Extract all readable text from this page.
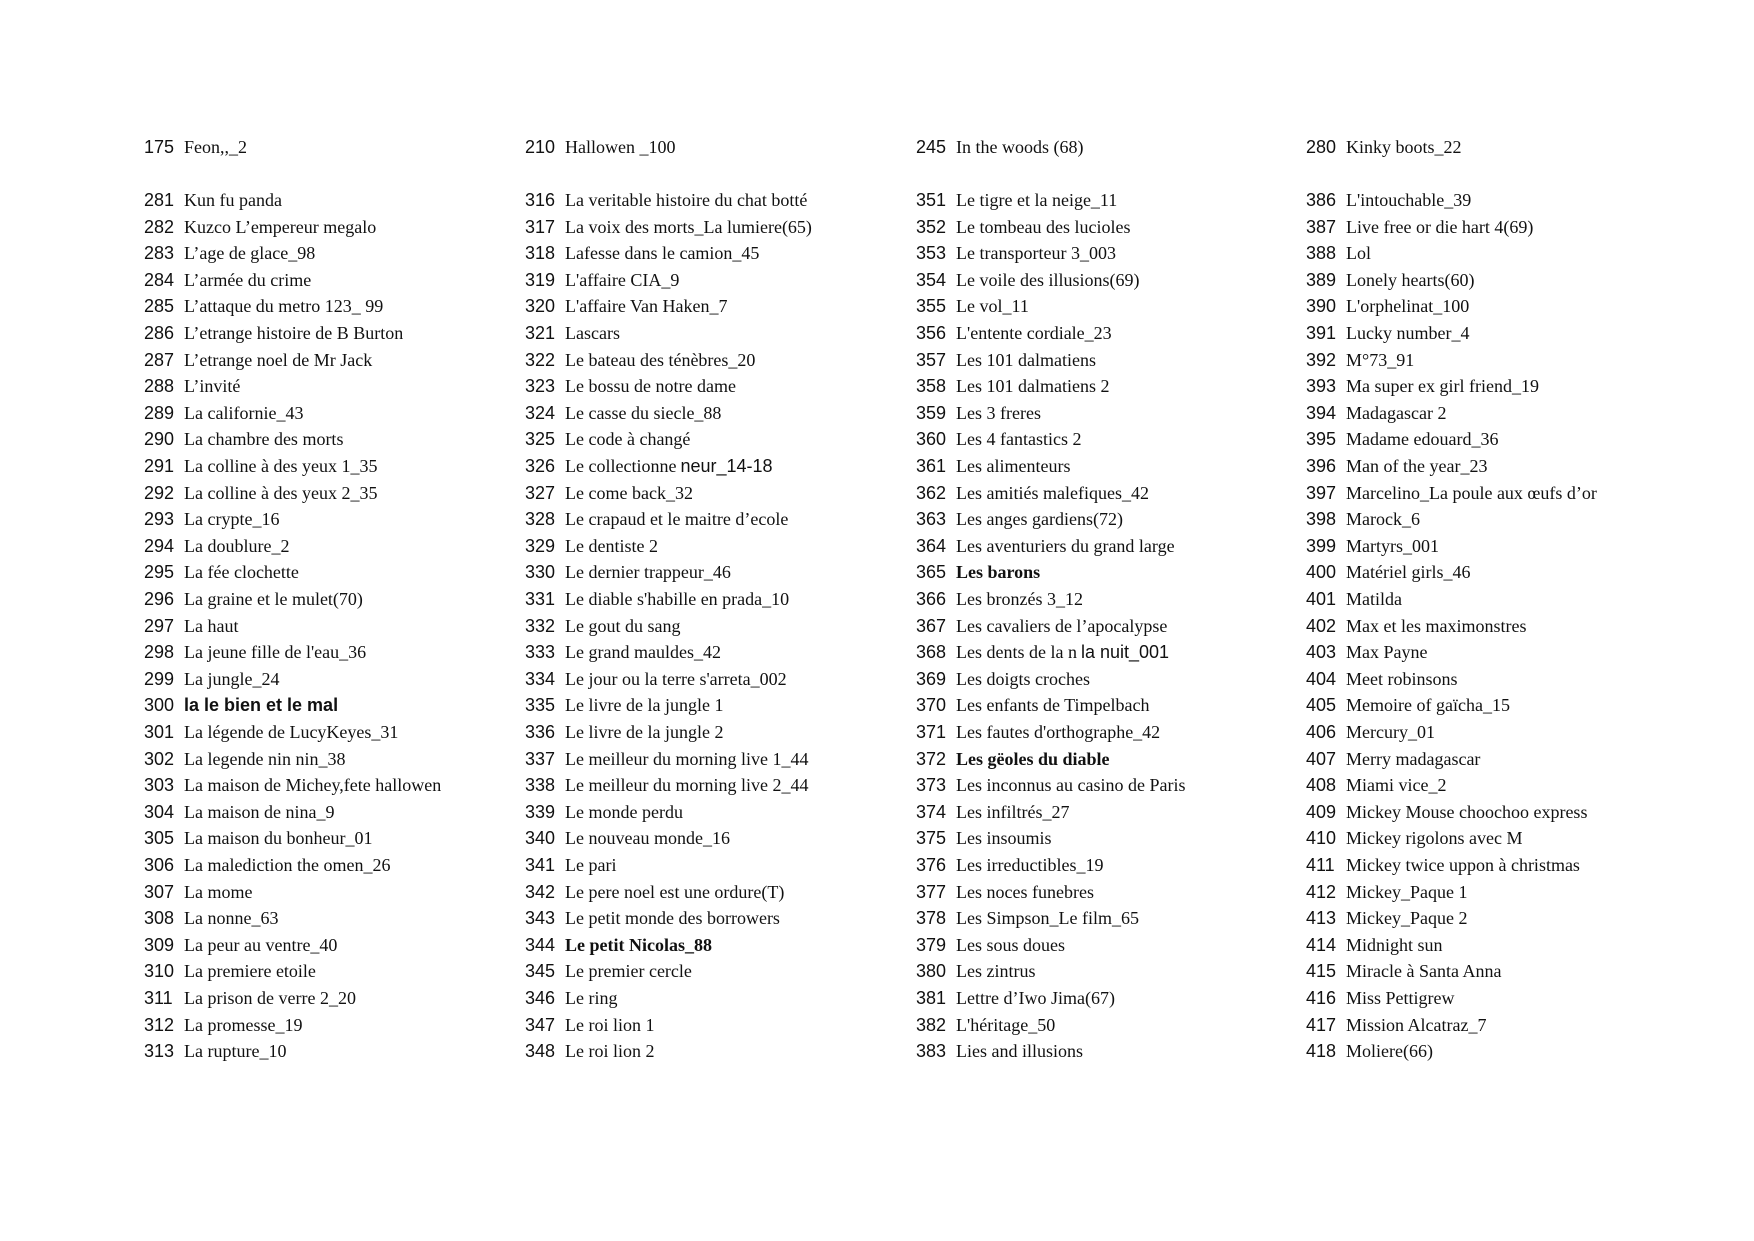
175 Feon,,_2	210 Hallowen _100	245 In the woods (68)	280 Kinky boots_22
281 Kun fu panda
282 Kuzco L’empereur megalo
283 L’age de glace_98
284 L’armée du crime
285 L’attaque du metro 123_ 99
286 L’etrange histoire de B Burton
287 L’etrange noel de Mr Jack
288 L’invité
289 La californie_43
290 La chambre des morts
291 La colline à des yeux 1_35
292 La colline à des yeux 2_35
293 La crypte_16
294 La doublure_2
295 La fée clochette
296 La graine et le mulet(70)
297 La haut
298 La jeune fille de l'eau_36
299 La jungle_24
300 la le bien et le mal
301 La légende de LucyKeyes_31
302 La legende nin nin_38
303 La maison de Michey,fete hallowen
304 La maison de nina_9
305 La maison du bonheur_01
306 La malediction the omen_26
307 La mome
308 La nonne_63
309 La peur au ventre_40
310 La premiere etoile
311 La prison de verre 2_20
312 La promesse_19
313 La rupture_10
316 La veritable histoire du chat botté
317 La voix des morts_La lumiere(65)
318 Lafesse dans le camion_45
319 L'affaire CIA_9
320 L'affaire Van Haken_7
321 Lascars
322 Le bateau des ténèbres_20
323 Le bossu de notre dame
324 Le casse du siecle_88
325 Le code à changé
326 Le collectionne neur_14-18
327 Le come back_32
328 Le crapaud et le maitre d’ecole
329 Le dentiste 2
330 Le dernier trappeur_46
331 Le diable s'habille en prada_10
332 Le gout du sang
333 Le grand mauldes_42
334 Le jour ou la terre s'arreta_002
335 Le livre de la jungle 1
336 Le livre de la jungle 2
337 Le meilleur du morning live 1_44
338 Le meilleur du morning live 2_44
339 Le monde perdu
340 Le nouveau monde_16
341 Le pari
342 Le pere noel est une ordure(T)
343 Le petit monde des borrowers
344 Le petit Nicolas_88
345 Le premier cercle
346 Le ring
347 Le roi lion 1
348 Le roi lion 2
351 Le tigre et la neige_11
352 Le tombeau des lucioles
353 Le transporteur 3_003
354 Le voile des illusions(69)
355 Le vol_11
356 L'entente cordiale_23
357 Les 101 dalmatiens
358 Les 101 dalmatiens 2
359 Les 3 freres
360 Les 4 fantastics 2
361 Les alimenteurs
362 Les amitiés malefiques_42
363 Les anges gardiens(72)
364 Les aventuriers du grand large
365 Les barons
366 Les bronzés 3_12
367 Les cavaliers de l’apocalypse
368 Les dents de la n la nuit_001
369 Les doigts croches
370 Les enfants de Timpelbach
371 Les fautes d'orthographe_42
372 Les gëoles du diable
373 Les inconnus au casino de Paris
374 Les infiltrés_27
375 Les insoumis
376 Les irreductibles_19
377 Les noces funebres
378 Les Simpson_Le film_65
379 Les sous doues
380 Les zintrus
381 Lettre d’Iwo Jima(67)
382 L'héritage_50
383 Lies and illusions
386 L'intouchable_39
387 Live free or die hart 4(69)
388 Lol
389 Lonely hearts(60)
390 L'orphelinat_100
391 Lucky number_4
392 M°73_91
393 Ma super ex girl friend_19
394 Madagascar 2
395 Madame edouard_36
396 Man of the year_23
397 Marcelino_La poule aux œufs d’or
398 Marock_6
399 Martyrs_001
400 Matériel girls_46
401 Matilda
402 Max et les maximonstres
403 Max Payne
404 Meet robinsons
405 Memoire of gaïcha_15
406 Mercury_01
407 Merry madagascar
408 Miami vice_2
409 Mickey Mouse choochoo express
410 Mickey rigolons avec M
411 Mickey twice uppon à christmas
412 Mickey_Paque 1
413 Mickey_Paque 2
414 Midnight sun
415 Miracle à Santa Anna
416 Miss Pettigrew
417 Mission Alcatraz_7
418 Moliere(66)
